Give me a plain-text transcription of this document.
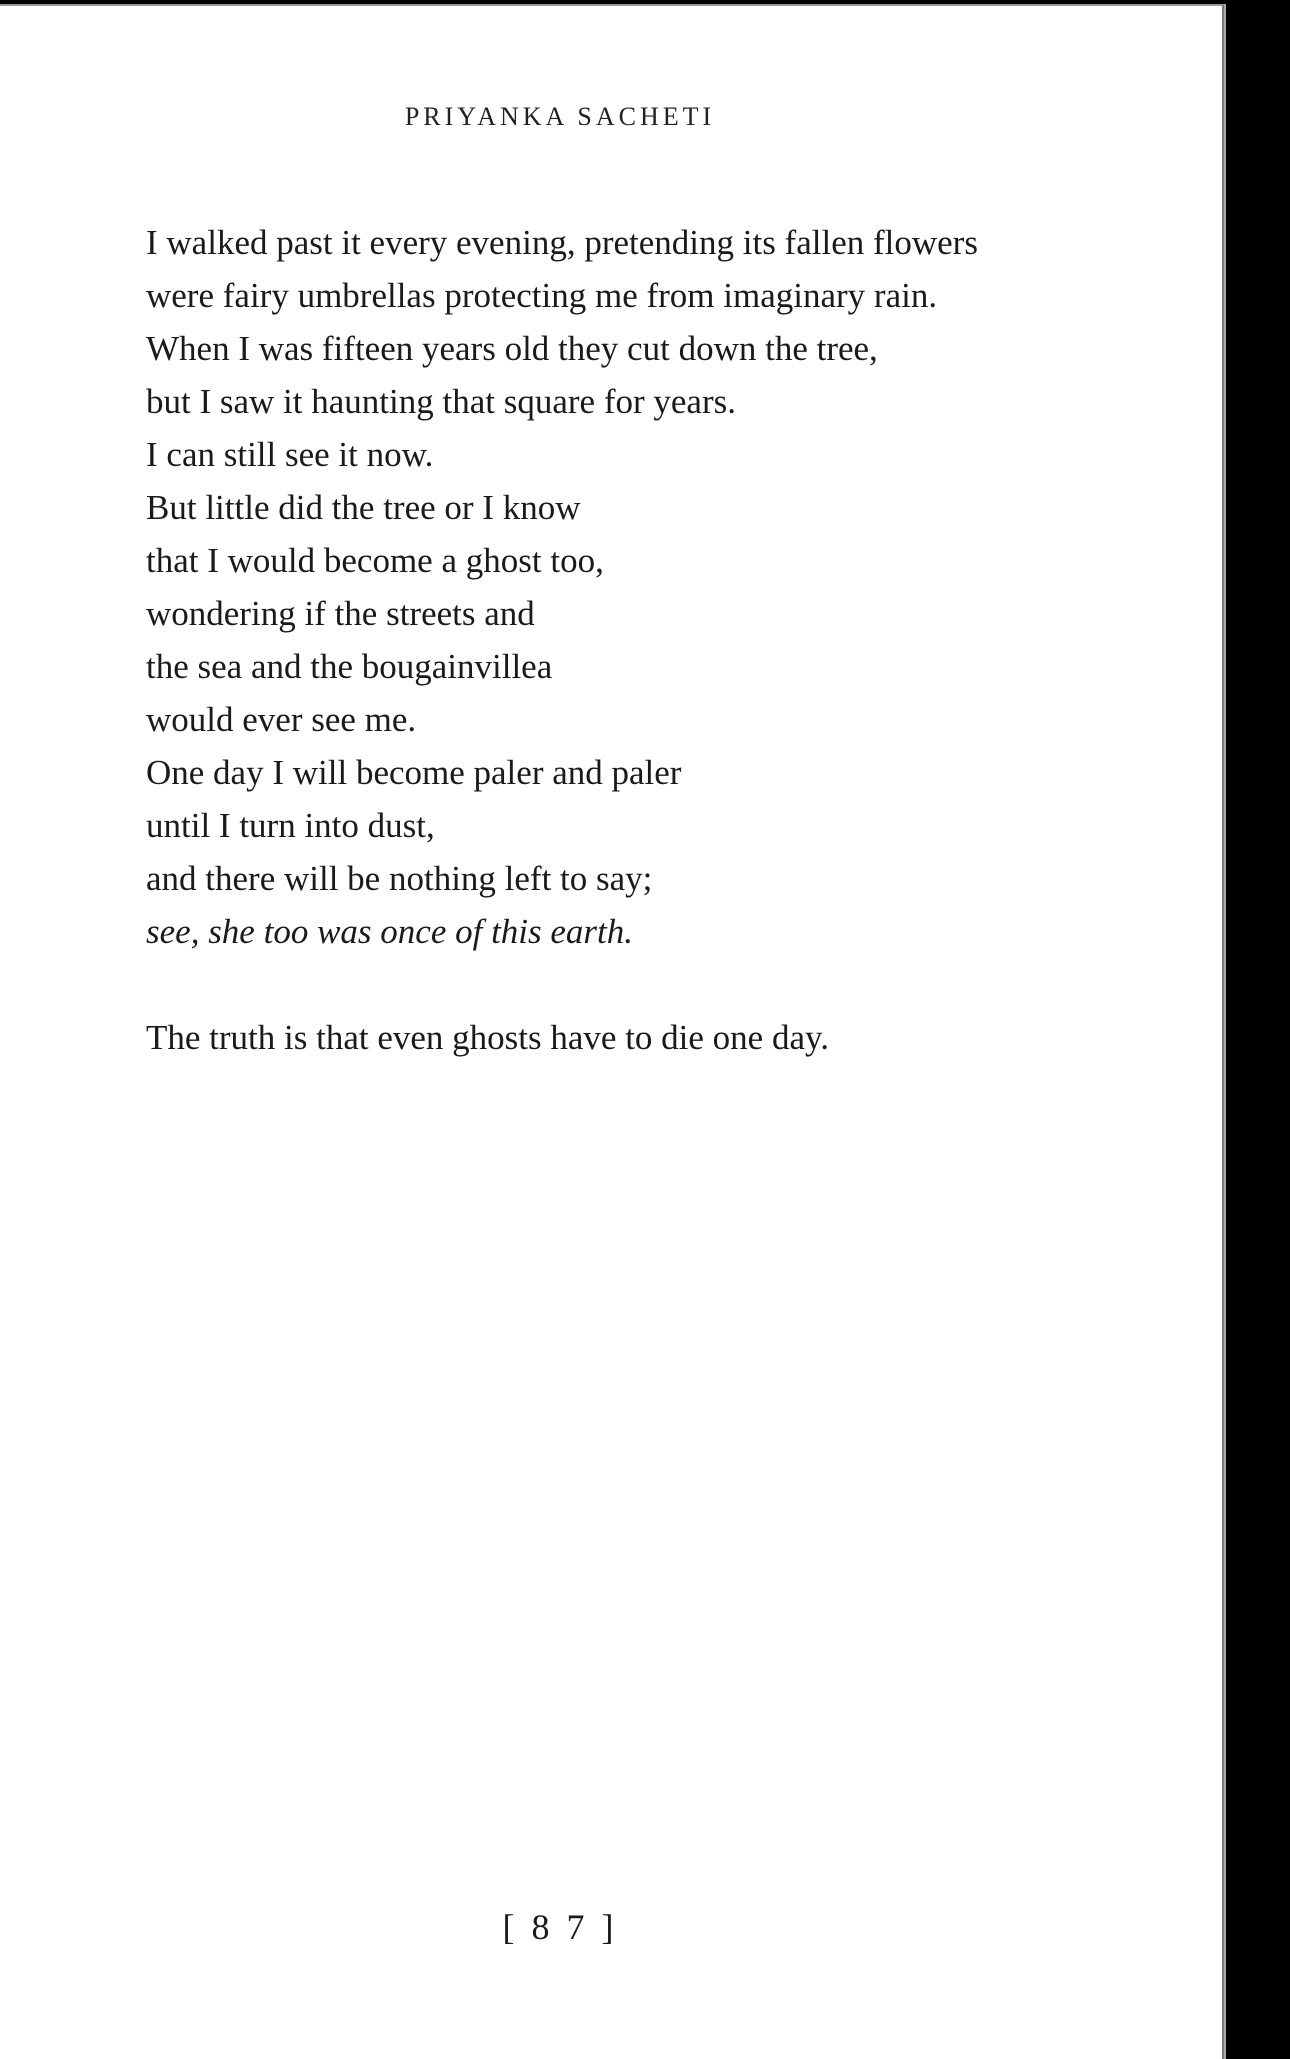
PRIYANKA SACHETI
I walked past it every evening, pretending its fallen flowers
were fairy umbrellas protecting me from imaginary rain.
When I was fifteen years old they cut down the tree,
but I saw it haunting that square for years.
I can still see it now.
But little did the tree or I know
that I would become a ghost too,
wondering if the streets and
the sea and the bougainvillea
would ever see me.
One day I will become paler and paler
until I turn into dust,
and there will be nothing left to say;
see, she too was once of this earth.
The truth is that even ghosts have to die one day.
[ 8 7 ]
